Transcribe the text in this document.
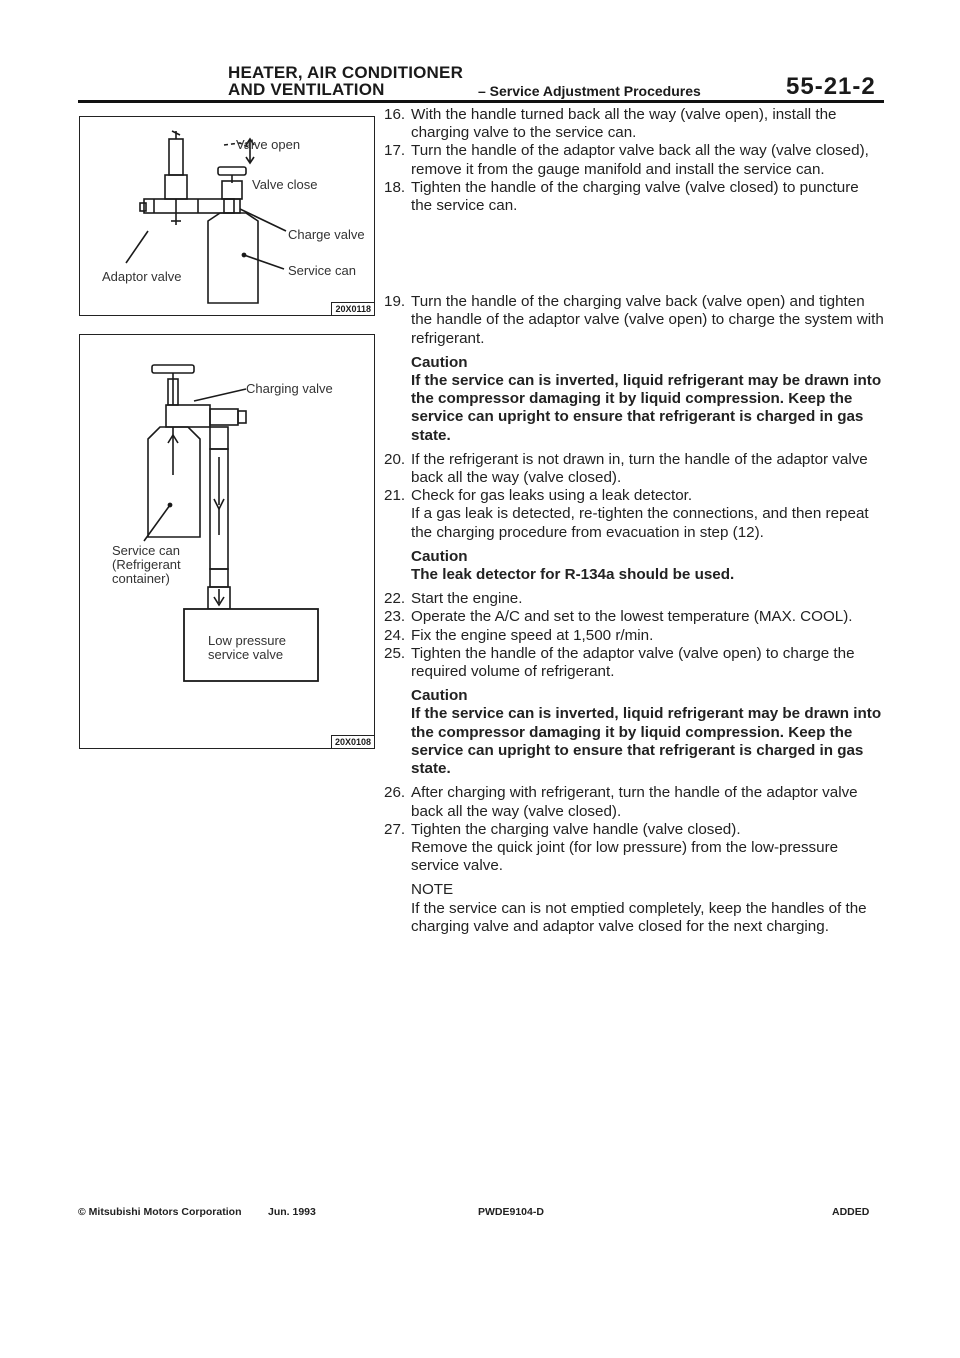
HEATER, AIR CONDITIONER
AND VENTILATION	– Service Adjustment Procedures	55-21-2
Valve open
Valve close
Charge valve
Service can
Adaptor valve
20X0118
Charging valve
Service can
(Refrigerant
container)
Low pressure
service valve
20X0108
16. With the handle turned back all the way (valve open), install the charging valve to the service can.
17. Turn the handle of the adaptor valve back all the way (valve closed), remove it from the gauge manifold and install the service can.
18. Tighten the handle of the charging valve (valve closed) to puncture the service can.
19. Turn the handle of the charging valve back (valve open) and tighten the handle of the adaptor valve (valve open) to charge the system with refrigerant.
Caution
If the service can is inverted, liquid refrigerant may be drawn into the compressor damaging it by liquid compression. Keep the service can upright to ensure that refrigerant is charged in gas state.
20. If the refrigerant is not drawn in, turn the handle of the adaptor valve back all the way (valve closed).
21. Check for gas leaks using a leak detector.
If a gas leak is detected, re-tighten the connections, and then repeat the charging procedure from evacuation in step (12).
Caution
The leak detector for R-134a should be used.
22. Start the engine.
23. Operate the A/C and set to the lowest temperature (MAX. COOL).
24. Fix the engine speed at 1,500 r/min.
25. Tighten the handle of the adaptor valve (valve open) to charge the required volume of refrigerant.
Caution
If the service can is inverted, liquid refrigerant may be drawn into the compressor damaging it by liquid compression. Keep the service can upright to ensure that refrigerant is charged in gas state.
26. After charging with refrigerant, turn the handle of the adaptor valve back all the way (valve closed).
27. Tighten the charging valve handle (valve closed).
Remove the quick joint (for low pressure) from the low-pressure service valve.
NOTE
If the service can is not emptied completely, keep the handles of the charging valve and adaptor valve closed for the next charging.
© Mitsubishi Motors Corporation	Jun. 1993	PWDE9104-D	ADDED
